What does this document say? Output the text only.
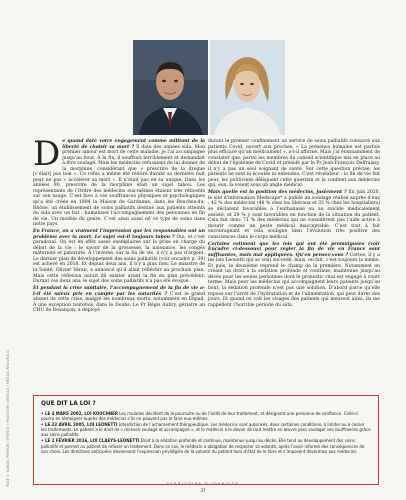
PAGE 1: DANIEL PERRON / PRESSE / PHANTOM / MÉDIAS / MÉDIAS NOUVEAUX

D e quand date votre engagement comme militant de la liberté de choisir sa mort ? Il date des années sida. Mon premier amour est mort de cette maladie, je l’ai accompagné jusqu’au bout. À la fin, il souffrait terriblement et demandait à être soulagé. Mais les médecins refusaient de lui donner de la morphine, considérant que « prescrire de la drogue [c’était] pas bon ». Ce refus a même été réitéré durant sa dernière nuit pour ne pas « accélérer sa mort ». Il n’était pas en sa unique. Dans les années 90, prescrire de la morphine était un sujet tabou. Les représentants de l’Ordre des médecins eux-mêmes étaient très réticents sur son usage. C’est face à ces souffrances physiques et psychologiques qu’a été créée en 1994 la Maison de Gardanne, dans les Bouches-du-Rhône, un établissement de soins palliatifs destiné aux patients atteints du sida avec un but : humaniser l’accompagnement des personnes en fin de vie. Un modèle du genre. C’est ainsi aussi né ce type de soins dans notre pays.

En France, on a vraiment l’impression que les responsables ont un problème avec la mort. Le sujet est-il toujours tabou ? Oui, et c’est paradoxal. On est en effet assez exemplaires sur la prise en charge du début de la vie : le savoir de la grossesse, la naissance, les congés maternité et paternité. À l’inverse, sur la fin de vie, il n’y a pas d’argent. Le dernier plan de développement des soins palliatifs (voir encadré p. 39) est achevé en 2018. Et depuis deux ans, il n’y a plus rien. Le ministre de la Santé, Olivier Véran, a annoncé qu’il allait réfléchir au prochain plan. Mais cette réflexion aurait dû exister avant la fin du plan précédent. Durant ces deux ans, le sujet des soins palliatifs n’a pas été évoqué.

Et pendant la crise sanitaire, l’accompagnement de la fin de vie a-t-il été mieux pris en compte par les autorités ? C’est le grand absent de cette crise, malgré les nombreux morts, notamment en Ehpad. À une exception toutefois, dans le Doubs. Le Pr Régis Aubry, gériatre au CHU de Besançon, a déployé

durant le premier confinement un service de soins palliatifs consacré aux patients Covid, ouvert aux proches. « La présence humaine est parfois plus efficace qu’un médicament », a-t-il affirmé. Mais j’ai étonnamment de constater que, parmi les membres du conseil scientifique mis en place au début de l’épidémie de Covid et présidé par le Pr Jean-François Delfraissy, il n’y a pas un seul soignant de santé. Sur cette question précise, les patients ne sont ni écoutés ni entendus. C’est révélateur : la fin de vie fait peur, les politiciens délèguent cette question et la confient aux médecins qui, eux, la voient sous un angle médical.

Mais quelle est la position des médecins, justement ? En juin 2020, le site d’information Medscape* a publié un sondage réalisé auprès d’eux : 42 % des médecins (48 % chez les libéraux et 35 % chez les hospitaliers) se déclarent favorables à l’euthanasie ou au suicide médicalement assisté, et 29 % y sont favorables en fonction de la situation du patient. Cela fait donc 71 % des médecins qui ne considèrent pas l’aide active à mourir comme un geste médical inacceptable. C’est tout à fait encourageant et cela souligne bien l’évolution très positive des consciences dans le corps médical.

Certains estiment que les lois qui ont été promulguées (voir Encadré ci-dessous) pour régler la fin de vie en France sont suffisantes, mais mal appliquées. Qu’en pensez-vous ? Certes, il y a les lois Leonetti qui se sont succédé, mais, en fait, c’est toujours la même. Et puis, le deuxième reprend le champ de la première. Notamment en créant un droit à la sédation profonde et continue, maintenue jusqu’au décès pour les seules personnes dont le pronostic vital est engagé à court terme. Mais pour les médecins qui accompagnent leurs patients jusqu’au bout, la sédation profonde n’est pas une solution. D’abord parce qu’elle repose sur l’arrêt de l’hydratation et de l’alimentation, qui peut durer des jours. Et quand on voit les visages des patients qui meurent ainsi, ils me rappellent l’horrible période du sida.

QUE DIT LA LOI ?

• LE 4 MARS 2002, LOI KOUCHNER Les malades décident de la poursuite ou de l’arrêt de leur traitement, et désignent une personne de confiance. Celle-ci pourra en témoigner auprès des médecins s’ils ne peuvent pas le faire eux-mêmes.

• LE 22 AVRIL 2005, LOI LEONETTI Interdiction de l’acharnement thérapeutique. Les médecins sont autorisés, dans certaines conditions, à limiter ou à cesser les traitements. Le patient a le droit de « recevoir soulagé et accompagné », et le médecin a le devoir de tout mettre en œuvre pour soulager ses souffrances grâce aux soins palliatifs.

• LE 2 FÉVRIER 2016, LOI CLAEYS-LEONETTI Droit à la sédation profonde et continue, maintenue jusqu’au décès. Elle tend au développement des soins palliatifs et permet au patient de refuser un traitement. Dans ce cas, le médecin a obligation de respecter sa volonté, après l’avoir informé des conséquences de son choix. Les directives anticipées deviennent l’expression privilégiée de la volonté du patient hors d’état de le faire et s’imposent désormais aux médecins.

TERRITOIRE D’IDENTITÉ
37
